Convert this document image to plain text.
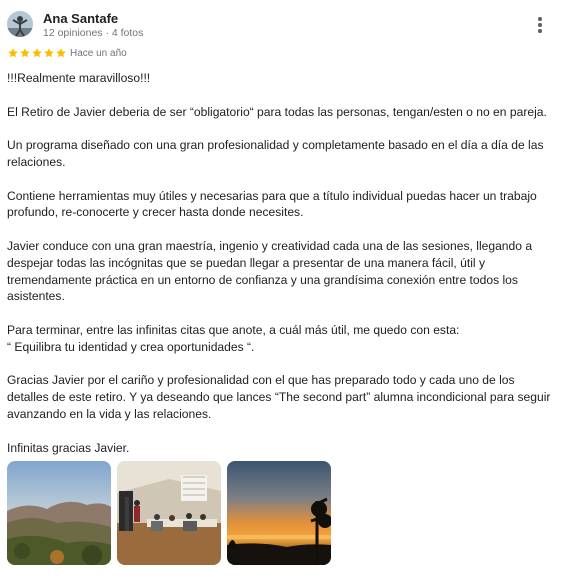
Ana Santafe
12 opiniones · 4 fotos
Hace un año

!!!Realmente maravilloso!!!

El Retiro de Javier deberia de ser “obligatorio“ para todas las personas, tengan/esten o no en pareja.

Un programa diseñado con una gran profesionalidad y completamente basado en el día a día de las relaciones.

Contiene herramientas muy útiles y necesarias para que a título individual puedas hacer un trabajo profundo, re-conocerte y crecer hasta donde necesites.

Javier conduce con una gran maestría, ingenio y creatividad cada una de las sesiones, llegando a despejar todas las incógnitas que se puedan llegar a presentar de una manera fácil, útil y tremendamente práctica en un entorno de confianza y una grandísima conexión entre todos los asistentes.

Para terminar, entre las infinitas citas que anote, a cuál más útil, me quedo con esta:

“ Equilibra tu identidad y crea oportunidades “.

Gracias Javier por el cariño y profesionalidad con el que has preparado todo y cada uno de los detalles de este retiro. Y ya deseando que lances “The second part” alumna incondicional para seguir avanzando en la vida y las relaciones.

Infinitas gracias Javier.
